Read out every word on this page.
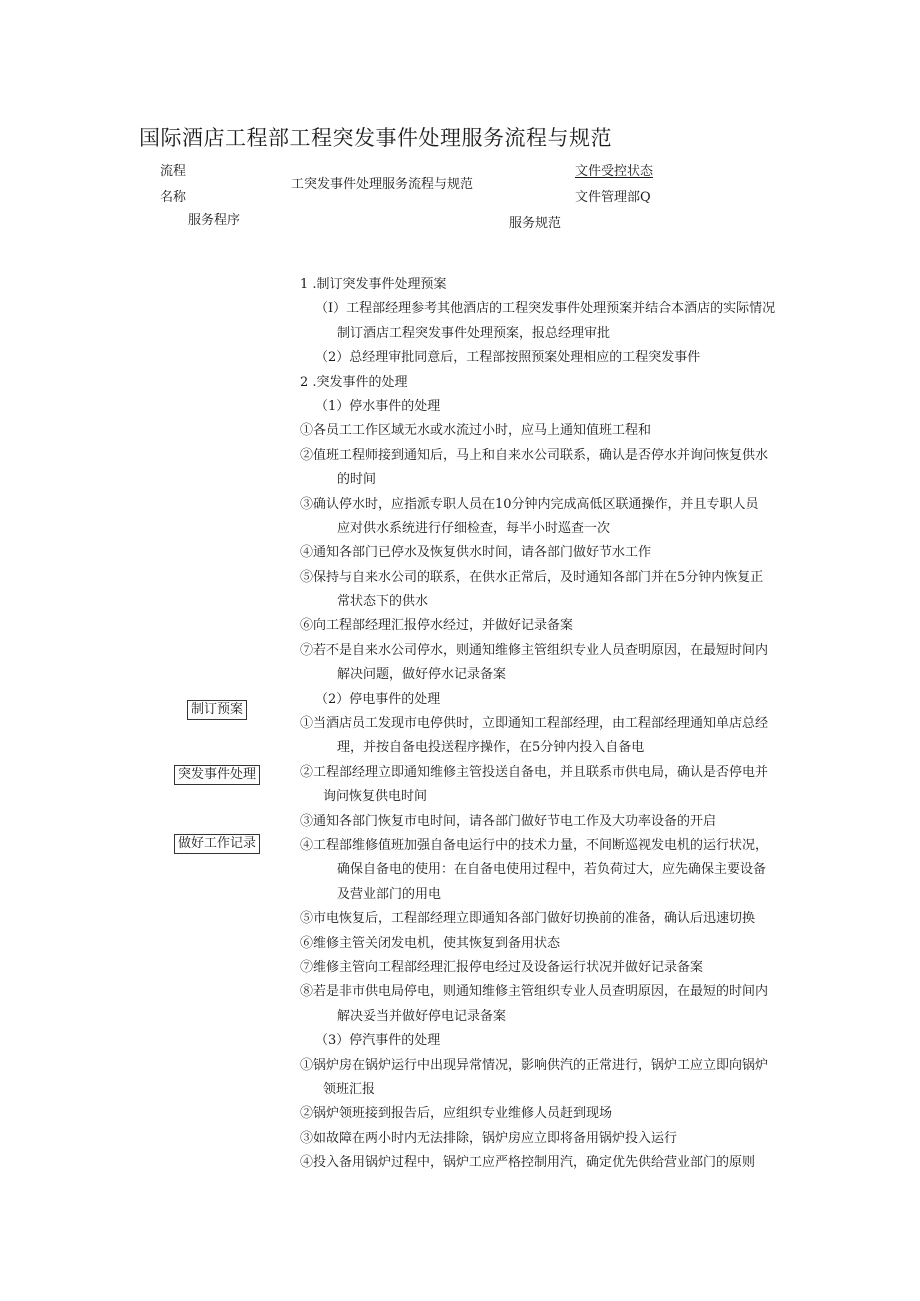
国际酒店工程部工程突发事件处理服务流程与规范
流程
名称
工突发事件处理服务流程与规范
文件受控状态
文件管理部Q
服务程序	服务规范
制订预案
突发事件处理
做好工作记录
1 .制订突发事件处理预案
（I）工程部经理参考其他酒店的工程突发事件处理预案并结合本酒店的实际情况
制订酒店工程突发事件处理预案，报总经理审批
（2）总经理审批同意后，工程部按照预案处理相应的工程突发事件
2 .突发事件的处理
（1）停水事件的处理
①各员工工作区域无水或水流过小时，应马上通知值班工程和
②值班工程师接到通知后，马上和自来水公司联系，确认是否停水并询问恢复供水
的时间
③确认停水时，应指派专职人员在10分钟内完成高低区联通操作，并且专职人员
应对供水系统进行仔细检查，每半小时巡查一次
④通知各部门已停水及恢复供水时间，请各部门做好节水工作
⑤保持与自来水公司的联系，在供水正常后，及时通知各部门并在5分钟内恢复正
常状态下的供水
⑥向工程部经理汇报停水经过，并做好记录备案
⑦若不是自来水公司停水，则通知维修主管组织专业人员查明原因，在最短时间内
解决问题，做好停水记录备案
（2）停电事件的处理
①当酒店员工发现市电停供时，立即通知工程部经理，由工程部经理通知单店总经
理，并按自备电投送程序操作，在5分钟内投入自备电
②工程部经理立即通知维修主管投送自备电，并且联系市供电局，确认是否停电并
询问恢复供电时间
③通知各部门恢复市电时间，请各部门做好节电工作及大功率设备的开启
④工程部维修值班加强自备电运行中的技术力量，不间断巡视发电机的运行状况，
确保自备电的使用：在自备电使用过程中，若负荷过大，应先确保主要设备
及营业部门的用电
⑤市电恢复后，工程部经理立即通知各部门做好切换前的准备，确认后迅速切换
⑥维修主管关闭发电机，使其恢复到备用状态
⑦维修主管向工程部经理汇报停电经过及设备运行状况并做好记录备案
⑧若是非市供电局停电，则通知维修主管组织专业人员查明原因，在最短的时间内
解决妥当并做好停电记录备案
（3）停汽事件的处理
①锅炉房在锅炉运行中出现异常情况，影响供汽的正常进行，锅炉工应立即向锅炉
领班汇报
②锅炉领班接到报告后，应组织专业维修人员赶到现场
③如故障在两小时内无法排除，锅炉房应立即将备用锅炉投入运行
④投入备用锅炉过程中，锅炉工应严格控制用汽，确定优先供给营业部门的原则
